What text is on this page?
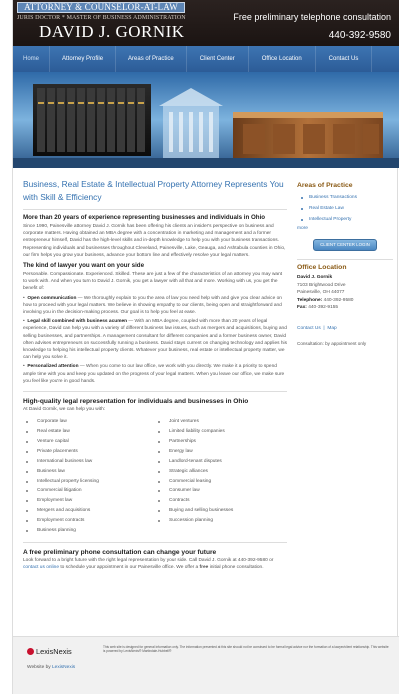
ATTORNEY & COUNSELOR-AT-LAW
JURIS DOCTOR * MASTER OF BUSINESS ADMINISTRATION
DAVID J. GORNIK
Free preliminary telephone consultation
440-392-9580
Home	Attorney Profile	Areas of Practice	Client Center	Office Location	Contact Us
Business, Real Estate & Intellectual Property Attorney Represents You with Skill & Efficiency
More than 20 years of experience representing businesses and individuals in Ohio

Since 1990, Painesville attorney David J. Gornik has been offering his clients an insider's perspective on business and corporate matters. Having obtained an MBA degree with a concentration in marketing and management and a former entrepreneur himself, David has the high-level skills and in-depth knowledge to help you with your business transactions. Representing individuals and businesses throughout Cleveland, Painesville, Lake, Geauga, and Ashtabula counties in Ohio, our firm helps you grow your business, advance your bottom line and effectively resolve your legal matters.

The kind of lawyer you want on your side

Personable. Compassionate. Experienced. Skilled. These are just a few of the characteristics of an attorney you may want to work with. And when you turn to David J. Gornik, you get a lawyer with all that and more. Working with us, you get the benefit of:

•  Open communication — We thoroughly explain to you the area of law you need help with and give you clear advice on how to proceed with your legal matters. We believe in showing empathy to our clients, being open and straightforward and involving you in the decision-making process. Our goal is to help you feel at ease.
•  Legal skill combined with business acumen — With an MBA degree, coupled with more than 20 years of legal experience, David can help you with a variety of different business law issues, such as mergers and acquisitions, buying and selling businesses, and partnerships. A management consultant for different companies and a former business owner, David often advises entrepreneurs on successfully running a business. David stays current on changing technology and applies his knowledge to helping his intellectual property clients. Whatever your business, real estate or intellectual property matter, we can help you solve it.
•  Personalized attention — When you come to our law office, we work with you directly. We make it a priority to spend ample time with you and keep you updated on the progress of your legal matters. When you leave our office, we make sure you feel like you're in good hands.
High-quality legal representation for individuals and businesses in Ohio
At David Gornik, we can help you with:
Corporate law
Real estate law
Venture capital
Private placements
International business law
Business law
Intellectual property licensing
Commercial litigation
Employment law
Mergers and acquisitions
Employment contracts
Business planning
Joint ventures
Limited liability companies
Partnerships
Energy law
Landlord-tenant disputes
Strategic alliances
Commercial leasing
Consumer law
Contracts
Buying and selling businesses
Succession planning
A free preliminary phone consultation can change your future

Look forward to a bright future with the right legal representation by your side. Call David J. Gornik at 440-392-9580 or contact us online to schedule your appointment in our Painesville office. We offer a free initial phone consultation.

Areas of Practice
Business Transactions
Real Estate Law
Intellectual Property
more
CLIENT CENTER LOGIN
Office Location
David J. Gornik
7103 Brightwood Drive
Painesville, OH 44077
Telephone: 440-392-9580
Fax: 440-392-9155
Contact Us | Map
Consultation: by appointment only
LexisNexis	This web site is designed for general information only. The information presented at this site should not be construed to be formal legal advice nor the formation of a lawyer/client relationship. This website is powered by LexisNexis® Martindale-Hubbell®
Website by LexisNexis
